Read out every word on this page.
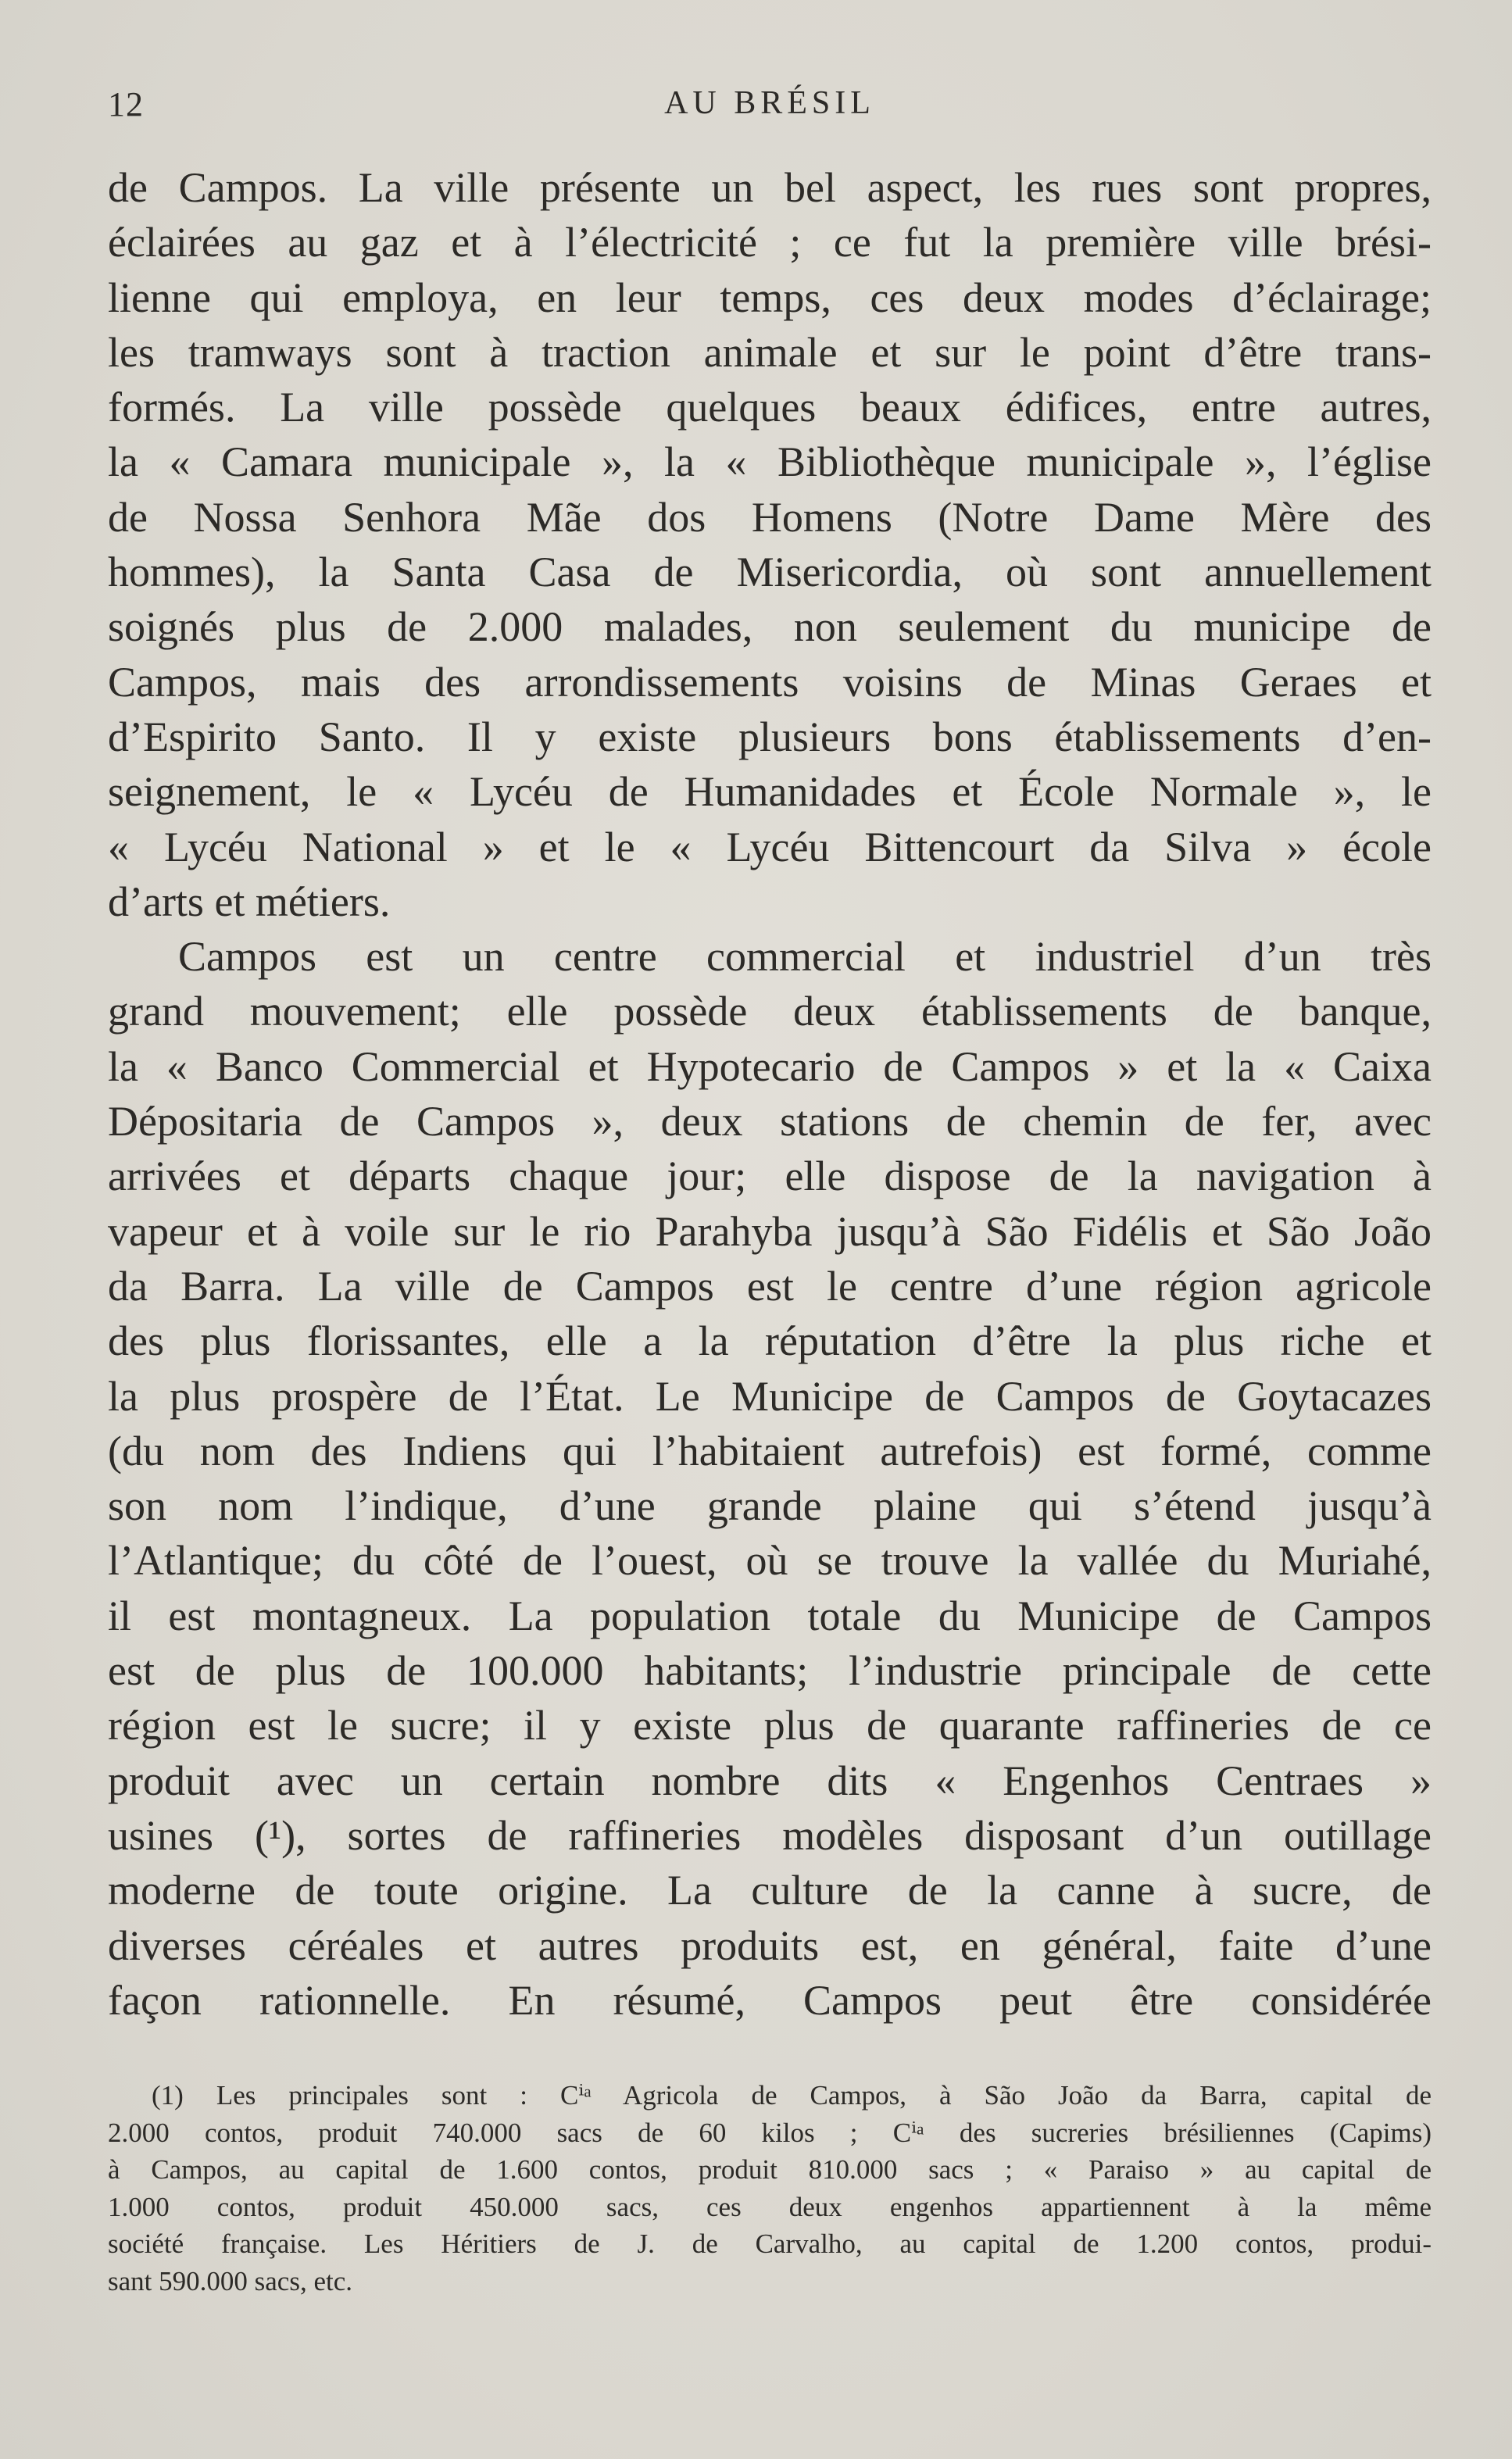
12	AU BRÉSIL
de Campos. La ville présente un bel aspect, les rues sont propres,
éclairées au gaz et à l’électricité ; ce fut la première ville brési-
lienne qui employa, en leur temps, ces deux modes d’éclairage;
les tramways sont à traction animale et sur le point d’être trans-
formés. La ville possède quelques beaux édifices, entre autres,
la « Camara municipale », la « Bibliothèque municipale », l’église
de Nossa Senhora Mãe dos Homens (Notre Dame Mère des
hommes), la Santa Casa de Misericordia, où sont annuellement
soignés plus de 2.000 malades, non seulement du municipe de
Campos, mais des arrondissements voisins de Minas Geraes et
d’Espirito Santo. Il y existe plusieurs bons établissements d’en-
seignement, le « Lycéu de Humanidades et École Normale », le
« Lycéu National » et le « Lycéu Bittencourt da Silva » école
d’arts et métiers.
Campos est un centre commercial et industriel d’un très
grand mouvement; elle possède deux établissements de banque,
la « Banco Commercial et Hypotecario de Campos » et la « Caixa
Dépositaria de Campos », deux stations de chemin de fer, avec
arrivées et départs chaque jour; elle dispose de la navigation à
vapeur et à voile sur le rio Parahyba jusqu’à São Fidélis et São João
da Barra. La ville de Campos est le centre d’une région agricole
des plus florissantes, elle a la réputation d’être la plus riche et
la plus prospère de l’État. Le Municipe de Campos de Goytacazes
(du nom des Indiens qui l’habitaient autrefois) est formé, comme
son nom l’indique, d’une grande plaine qui s’étend jusqu’à
l’Atlantique; du côté de l’ouest, où se trouve la vallée du Muriahé,
il est montagneux. La population totale du Municipe de Campos
est de plus de 100.000 habitants; l’industrie principale de cette
région est le sucre; il y existe plus de quarante raffineries de ce
produit avec un certain nombre dits « Engenhos Centraes »
usines (¹), sortes de raffineries modèles disposant d’un outillage
moderne de toute origine. La culture de la canne à sucre, de
diverses céréales et autres produits est, en général, faite d’une
façon rationnelle. En résumé, Campos peut être considérée
(1) Les principales sont : Cⁱᵃ Agricola de Campos, à São João da Barra, capital de
2.000 contos, produit 740.000 sacs de 60 kilos ; Cⁱᵃ des sucreries brésiliennes (Capims)
à Campos, au capital de 1.600 contos, produit 810.000 sacs ; « Paraiso » au capital de
1.000 contos, produit 450.000 sacs, ces deux engenhos appartiennent à la même
société française. Les Héritiers de J. de Carvalho, au capital de 1.200 contos, produi-
sant 590.000 sacs, etc.
